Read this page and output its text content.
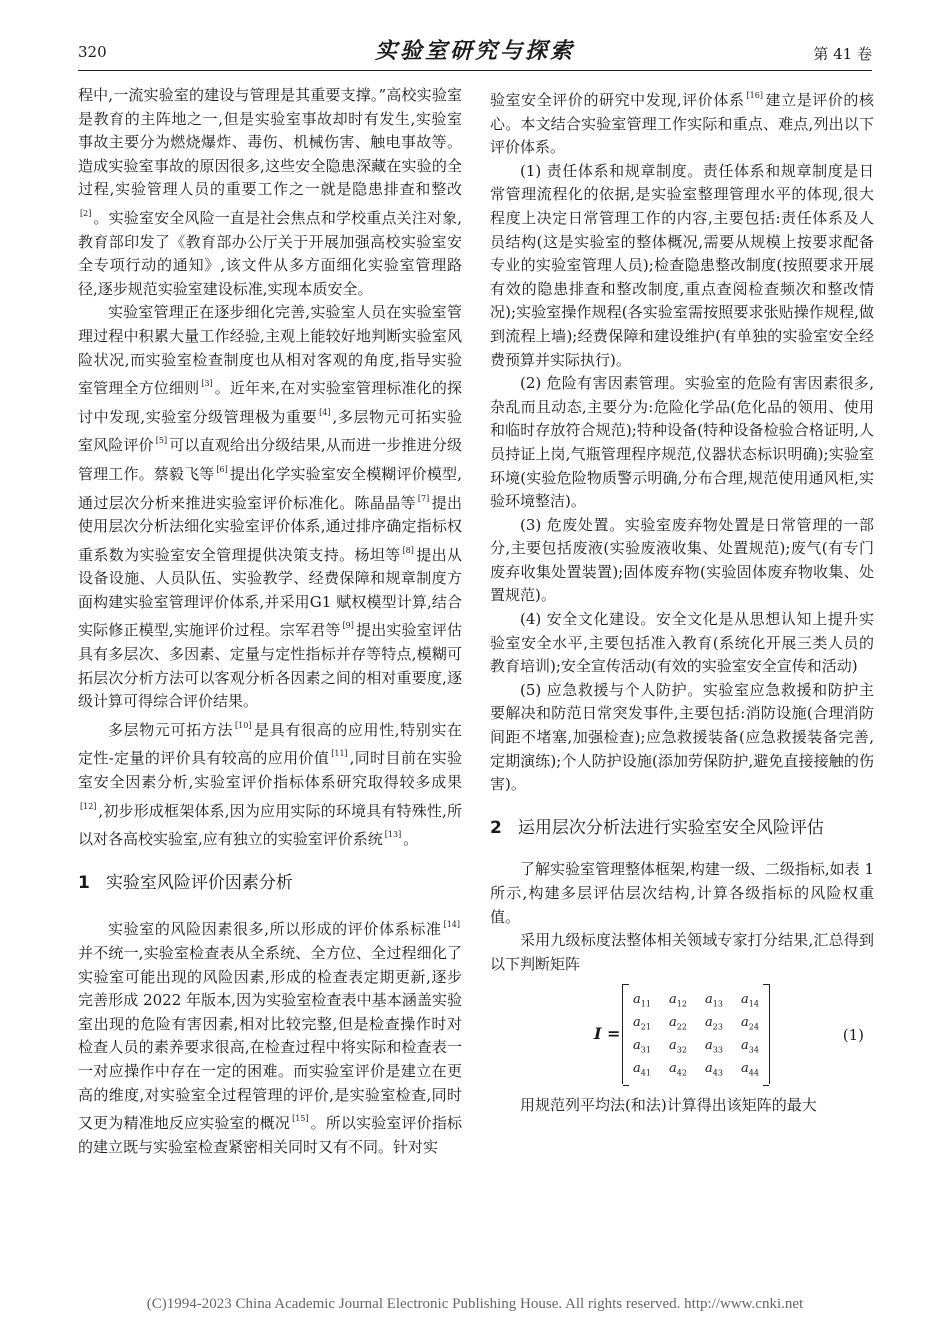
320	实验室研究与探索	第 41 卷

程中,一流实验室的建设与管理是其重要支撑。”高校实验室是教育的主阵地之一,但是实验室事故却时有发生,实验室事故主要分为燃烧爆炸、毒伤、机械伤害、触电事故等。造成实验室事故的原因很多,这些安全隐患深藏在实验的全过程,实验管理人员的重要工作之一就是隐患排查和整改[2] 。实验室安全风险一直是社会焦点和学校重点关注对象,教育部印发了《教育部办公厅关于开展加强高校实验室安全专项行动的通知》,该文件从多方面细化实验室管理路径,逐步规范实验室建设标准,实现本质安全。

实验室管理正在逐步细化完善,实验室人员在实验室管理过程中积累大量工作经验,主观上能较好地判断实验室风险状况,而实验室检查制度也从相对客观的角度,指导实验室管理全方位细则 [3] 。近年来,在对实验室管理标准化的探讨中发现,实验室分级管理极为重要 [4] ,多层物元可拓实验室风险评价 [5] 可以直观给出分级结果,从而进一步推进分级管理工作。蔡毅飞等 [6] 提出化学实验室安全模糊评价模型,通过层次分析来推进实验室评价标准化。陈晶晶等 [7] 提出使用层次分析法细化实验室评价体系,通过排序确定指标权重系数为实验室安全管理提供决策支持。杨坦等 [8] 提出从设备设施、人员队伍、实验教学、经费保障和规章制度方面构建实验室管理评价体系,并采用G1 赋权模型计算,结合实际修正模型,实施评价过程。宗军君等 [9] 提出实验室评估具有多层次、多因素、定量与定性指标并存等特点,模糊可拓层次分析方法可以客观分析各因素之间的相对重要度,逐级计算可得综合评价结果。

多层物元可拓方法 [10] 是具有很高的应用性,特别实在定性-定量的评价具有较高的应用价值 [11] ,同时目前在实验室安全因素分析,实验室评价指标体系研究取得较多成果[12] ,初步形成框架体系,因为应用实际的环境具有特殊性,所以对各高校实验室,应有独立的实验室评价系统 [13] 。

1 实验室风险评价因素分析

实验室的风险因素很多,所以形成的评价体系标准 [14]并不统一,实验室检查表从全系统、全方位、全过程细化了实验室可能出现的风险因素,形成的检查表定期更新,逐步完善形成 2022 年版本,因为实验室检查表中基本涵盖实验室出现的危险有害因素,相对比较完整,但是检查操作时对检查人员的素养要求很高,在检查过程中将实际和检查表一一对应操作中存在一定的困难。而实验室评价是建立在更高的维度,对实验室全过程管理的评价,是实验室检查,同时又更为精准地反应实验室的概况 [15] 。所以实验室评价指标的建立既与实验室检查紧密相关同时又有不同。针对实

验室安全评价的研究中发现,评价体系 [16] 建立是评价的核心。本文结合实验室管理工作实际和重点、难点,列出以下评价体系。

(1) 责任体系和规章制度。责任体系和规章制度是日常管理流程化的依据,是实验室整理管理水平的体现,很大程度上决定日常管理工作的内容,主要包括:责任体系及人员结构(这是实验室的整体概况,需要从规模上按要求配备专业的实验室管理人员);检查隐患整改制度(按照要求开展有效的隐患排查和整改制度,重点查阅检查频次和整改情况);实验室操作规程(各实验室需按照要求张贴操作规程,做到流程上墙);经费保障和建设维护(有单独的实验室安全经费预算并实际执行)。

(2) 危险有害因素管理。实验室的危险有害因素很多,杂乱而且动态,主要分为:危险化学品(危化品的领用、使用和临时存放符合规范);特种设备(特种设备检验合格证明,人员持证上岗,气瓶管理程序规范,仪器状态标识明确);实验室环境(实验危险物质警示明确,分布合理,规范使用通风柜,实验环境整洁)。

(3) 危废处置。实验室废弃物处置是日常管理的一部分,主要包括废液(实验废液收集、处置规范);废气(有专门废弃收集处置装置);固体废弃物(实验固体废弃物收集、处置规范)。

(4) 安全文化建设。安全文化是从思想认知上提升实验室安全水平,主要包括准入教育(系统化开展三类人员的教育培训);安全宣传活动(有效的实验室安全宣传和活动)

(5) 应急救援与个人防护。实验室应急救援和防护主要解决和防范日常突发事件,主要包括:消防设施(合理消防间距不堵塞,加强检查);应急救援装备(应急救援装备完善,定期演练);个人防护设施(添加劳保防护,避免直接接触的伤害)。

2 运用层次分析法进行实验室安全风险评估

了解实验室管理整体框架,构建一级、二级指标,如表 1 所示,构建多层评估层次结构,计算各级指标的风险权重值。

采用九级标度法整体相关领域专家打分结果,汇总得到以下判断矩阵

I =
$a_{11}$	$a_{12}$	$a_{13}$	$a_{14}$
$a_{21}$	$a_{22}$	$a_{23}$	$a_{24}$
$a_{31}$	$a_{32}$	$a_{33}$	$a_{34}$
$a_{41}$	$a_{42}$	$a_{43}$	$a_{44}$
(1)

用规范列平均法(和法)计算得出该矩阵的最大

(C)1994-2023 China Academic Journal Electronic Publishing House. All rights reserved. http://www.cnki.net
